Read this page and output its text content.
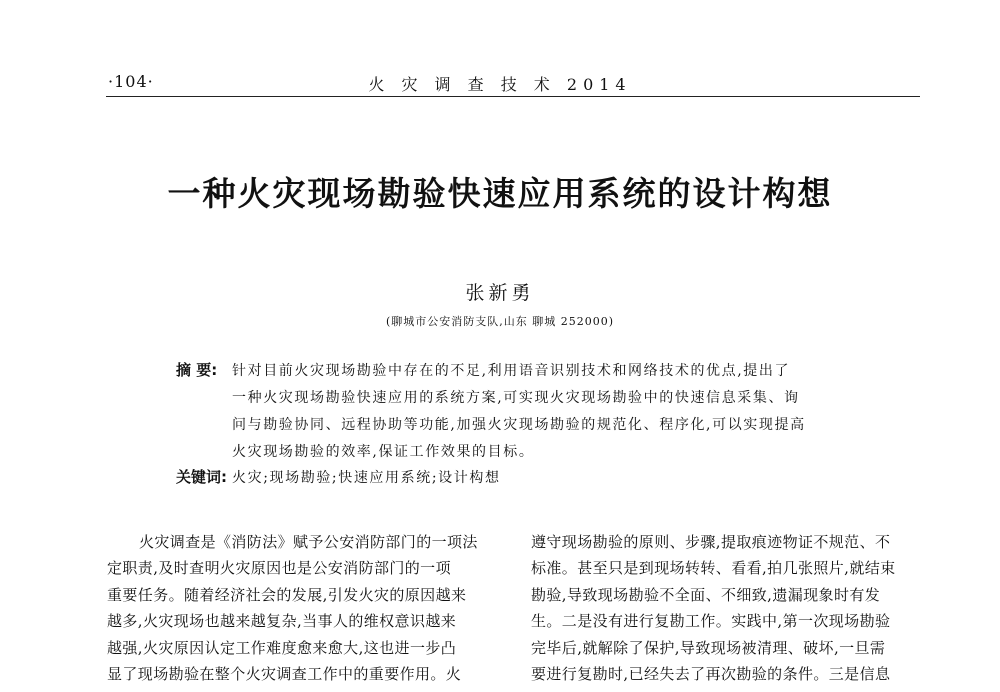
·104·	火 灾 调 查 技 术 2014
一种火灾现场勘验快速应用系统的设计构想
张新勇
(聊城市公安消防支队,山东 聊城 252000)
摘 要: 针对目前火灾现场勘验中存在的不足,利用语音识别技术和网络技术的优点,提出了
一种火灾现场勘验快速应用的系统方案,可实现火灾现场勘验中的快速信息采集、询
问与勘验协同、远程协助等功能,加强火灾现场勘验的规范化、程序化,可以实现提高
火灾现场勘验的效率,保证工作效果的目标。
关键词: 火灾;现场勘验;快速应用系统;设计构想
火灾调查是《消防法》赋予公安消防部门的一项法
定职责,及时查明火灾原因也是公安消防部门的一项
重要任务。随着经济社会的发展,引发火灾的原因越来
越多,火灾现场也越来越复杂,当事人的维权意识越来
越强,火灾原因认定工作难度愈来愈大,这也进一步凸
显了现场勘验在整个火灾调查工作中的重要作用。火
遵守现场勘验的原则、步骤,提取痕迹物证不规范、不
标准。甚至只是到现场转转、看看,拍几张照片,就结束
勘验,导致现场勘验不全面、不细致,遗漏现象时有发
生。二是没有进行复勘工作。实践中,第一次现场勘验
完毕后,就解除了保护,导致现场被清理、破坏,一旦需
要进行复勘时,已经失去了再次勘验的条件。三是信息
